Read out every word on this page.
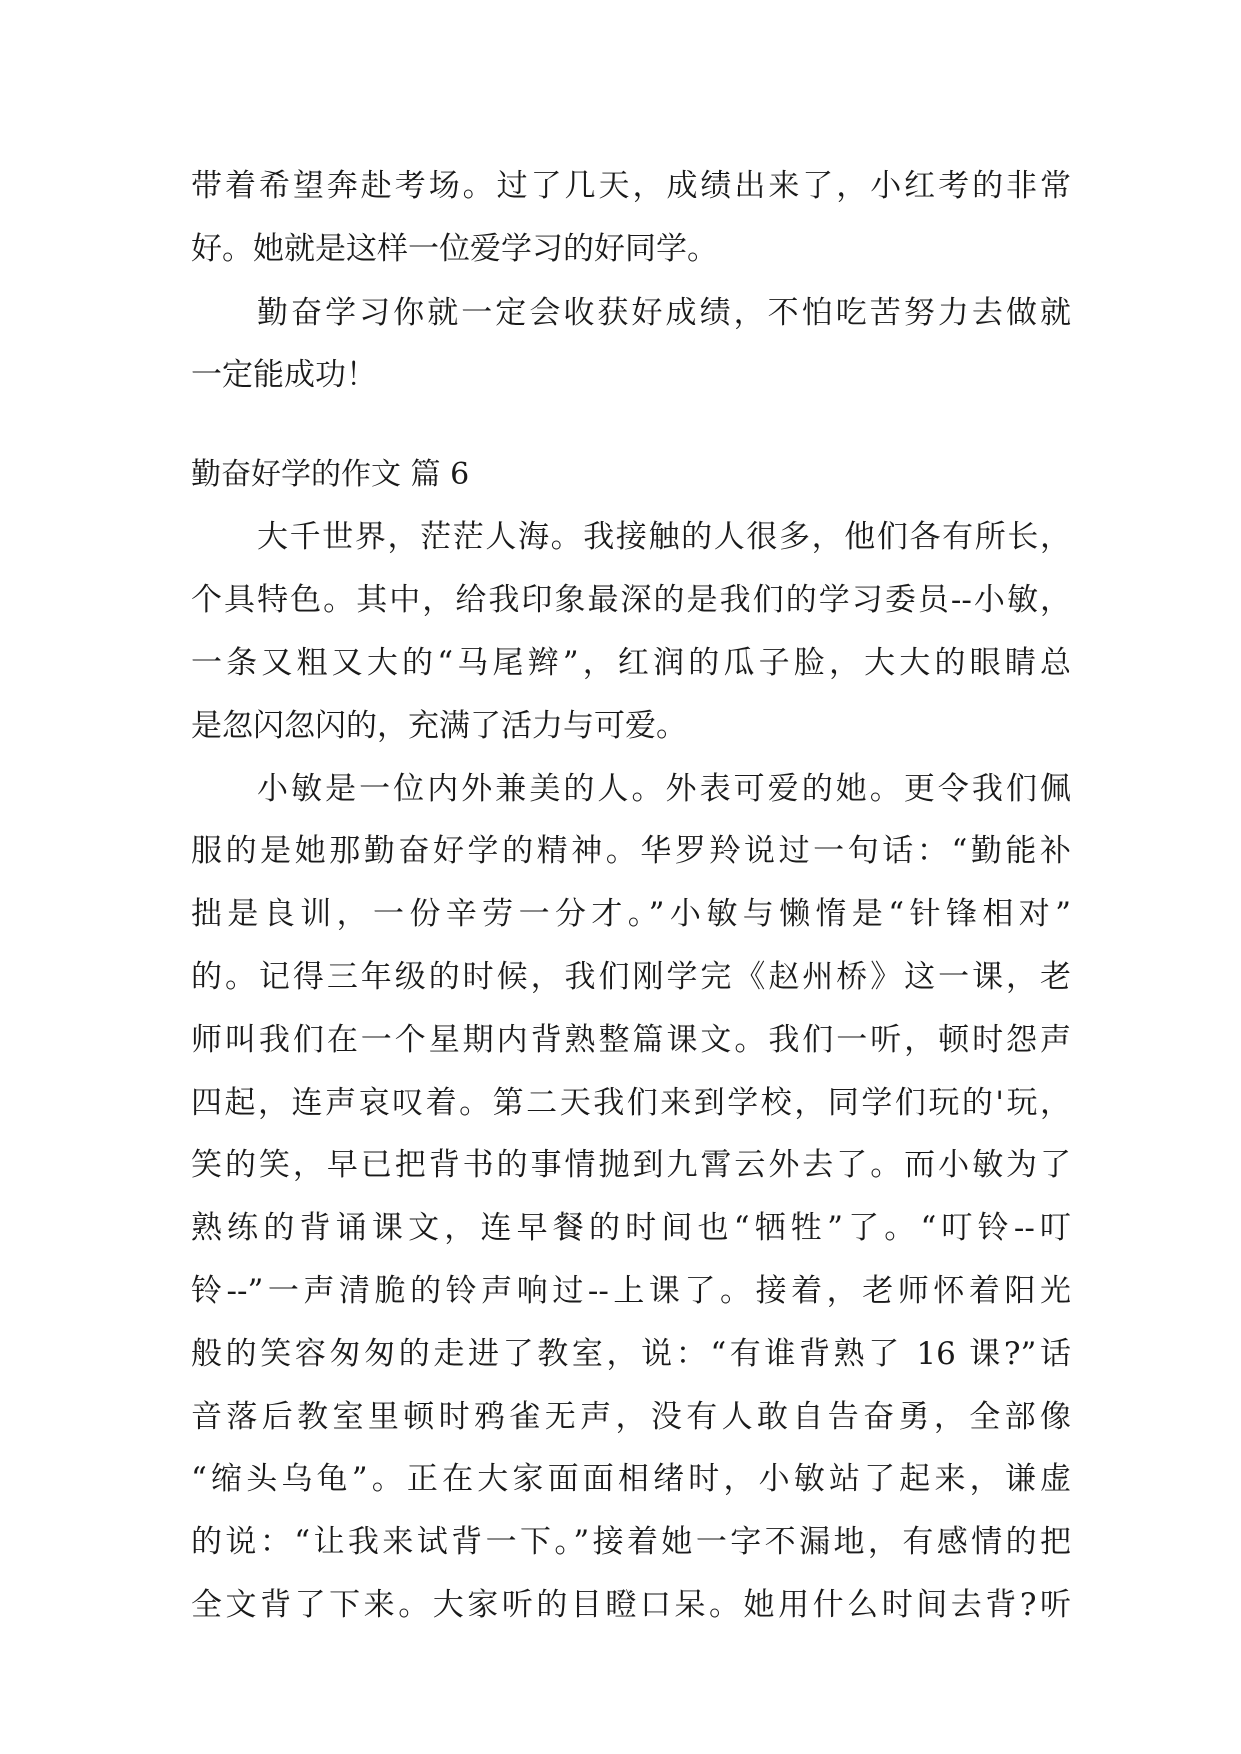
带着希望奔赴考场。过了几天，成绩出来了，小红考的非常
好。她就是这样一位爱学习的好同学。
勤奋学习你就一定会收获好成绩，不怕吃苦努力去做就
一定能成功！
勤奋好学的作文 篇 6
大千世界，茫茫人海。我接触的人很多，他们各有所长，
个具特色。其中，给我印象最深的是我们的学习委员--小敏，
一条又粗又大的“马尾辫”，红润的瓜子脸，大大的眼睛总
是忽闪忽闪的，充满了活力与可爱。
小敏是一位内外兼美的人。外表可爱的她。更令我们佩
服的是她那勤奋好学的精神。华罗羚说过一句话：“勤能补
拙是良训，一份辛劳一分才。”小敏与懒惰是“针锋相对”
的。记得三年级的时候，我们刚学完《赵州桥》这一课，老
师叫我们在一个星期内背熟整篇课文。我们一听，顿时怨声
四起，连声哀叹着。第二天我们来到学校，同学们玩的'玩，
笑的笑，早已把背书的事情抛到九霄云外去了。而小敏为了
熟练的背诵课文，连早餐的时间也“牺牲”了。“叮铃--叮
铃--”一声清脆的铃声响过--上课了。接着，老师怀着阳光
般的笑容匆匆的走进了教室，说：“有谁背熟了 16 课?”话
音落后教室里顿时鸦雀无声，没有人敢自告奋勇，全部像
“缩头乌龟”。正在大家面面相绪时，小敏站了起来，谦虚
的说：“让我来试背一下。”接着她一字不漏地，有感情的把
全文背了下来。大家听的目瞪口呆。她用什么时间去背?听
